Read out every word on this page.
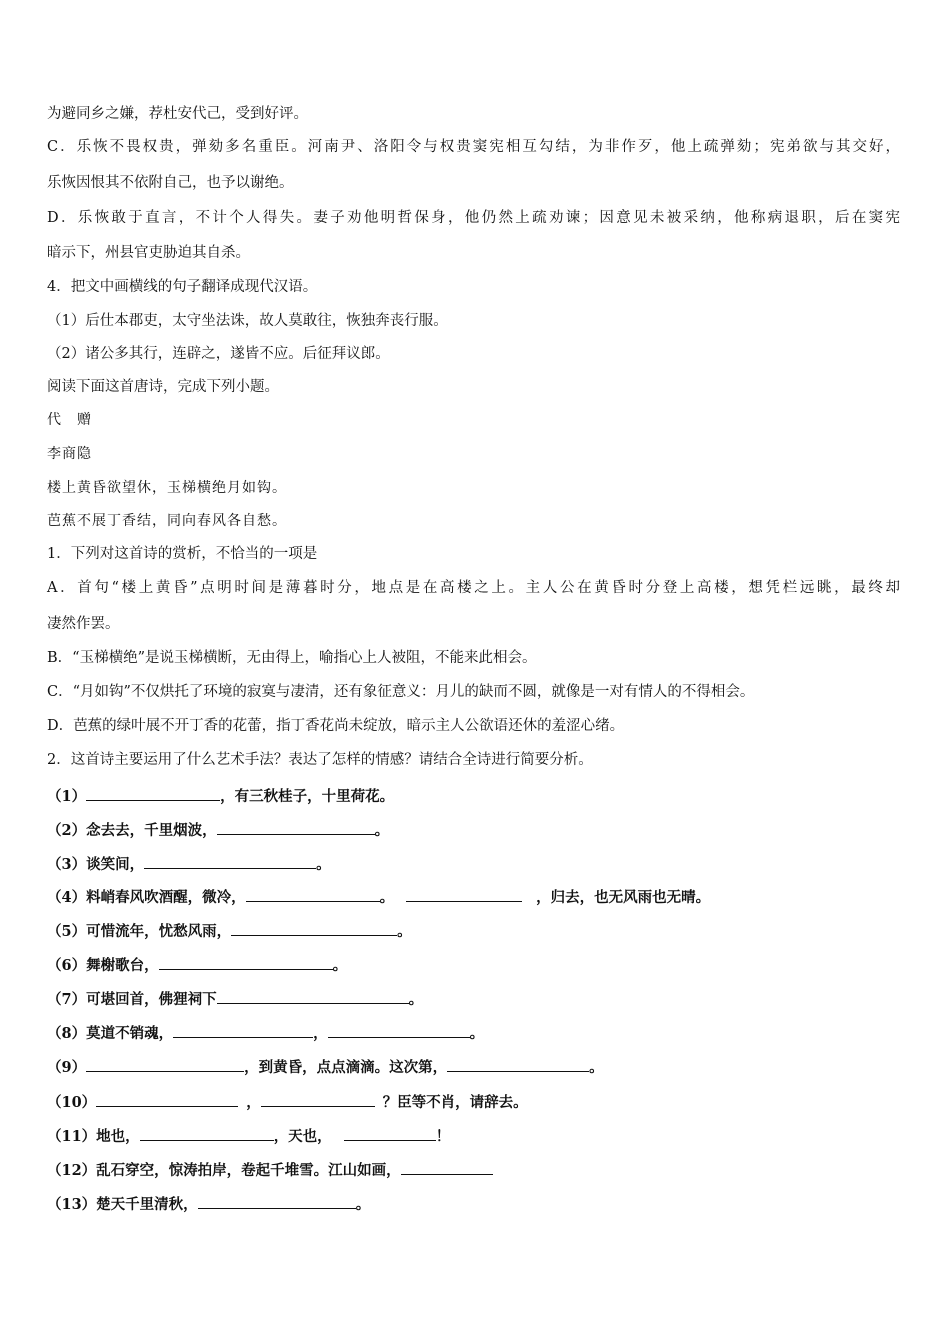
为避同乡之嫌，荐杜安代己，受到好评。
C．乐恢不畏权贵，弹劾多名重臣。河南尹、洛阳令与权贵窦宪相互勾结，为非作歹，他上疏弹劾；宪弟欲与其交好，
乐恢因恨其不依附自己，也予以谢绝。
D．乐恢敢于直言，不计个人得失。妻子劝他明哲保身，他仍然上疏劝谏；因意见未被采纳，他称病退职，后在窦宪
暗示下，州县官吏胁迫其自杀。
4．把文中画横线的句子翻译成现代汉语。
（1）后仕本郡吏，太守坐法诛，故人莫敢往，恢独奔丧行服。
（2）诸公多其行，连辟之，遂皆不应。后征拜议郎。
阅读下面这首唐诗，完成下列小题。
代　赠
李商隐
楼上黄昏欲望休，玉梯横绝月如钩。
芭蕉不展丁香结，同向春风各自愁。
1．下列对这首诗的赏析，不恰当的一项是
A．首句“楼上黄昏”点明时间是薄暮时分，地点是在高楼之上。主人公在黄昏时分登上高楼，想凭栏远眺，最终却
凄然作罢。
B．“玉梯横绝”是说玉梯横断，无由得上，喻指心上人被阻，不能来此相会。
C．“月如钩”不仅烘托了环境的寂寞与凄清，还有象征意义：月儿的缺而不圆，就像是一对有情人的不得相会。
D．芭蕉的绿叶展不开丁香的花蕾，指丁香花尚未绽放，暗示主人公欲语还休的羞涩心绪。
2．这首诗主要运用了什么艺术手法？表达了怎样的情感？请结合全诗进行简要分析。
（1）	，有三秋桂子，十里荷花。
（2）念去去，千里烟波，	。
（3）谈笑间，	。
（4）料峭春风吹酒醒，微冷，	。	，归去，也无风雨也无晴。
（5）可惜流年，忧愁风雨，	。
（6）舞榭歌台，	。
（7）可堪回首，佛狸祠下	。
（8）莫道不销魂，	，	。
（9）	，到黄昏，点点滴滴。这次第，	。
（10）	，	？臣等不肖，请辞去。
（11）地也，	，天也，	！
（12）乱石穿空，惊涛拍岸，卷起千堆雪。江山如画，
（13）楚天千里清秋，	。
